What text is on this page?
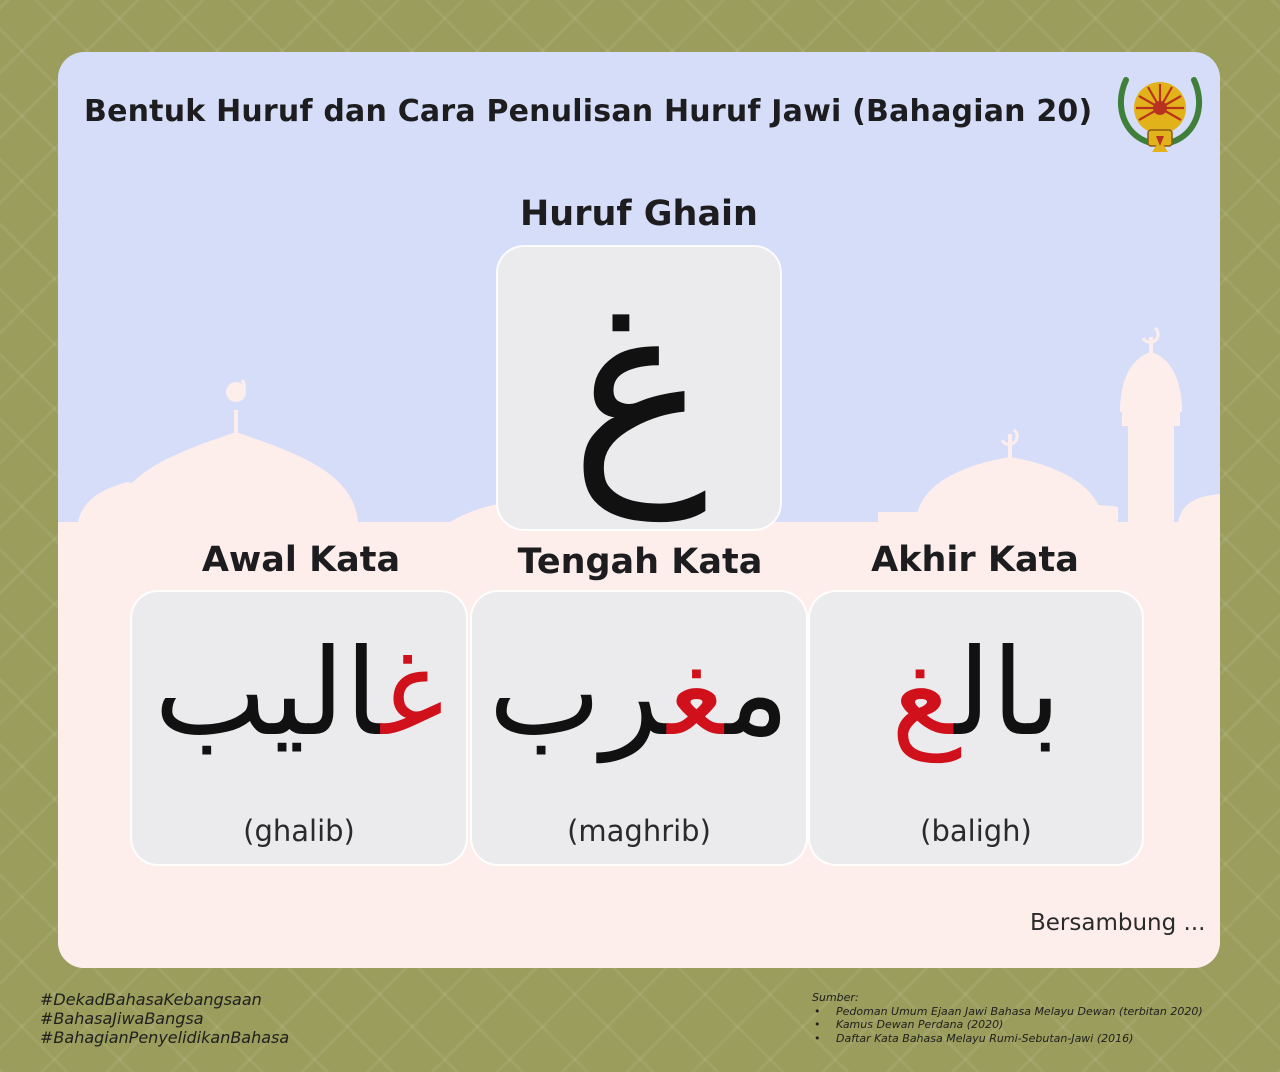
Bentuk Huruf dan Cara Penulisan Huruf Jawi (Bahagian 20)
Huruf Ghain
غ
Awal Kata
غاليب
(ghalib)
Tengah Kata
مغرب
(maghrib)
Akhir Kata
بالغ
(baligh)
Bersambung ...
#DekadBahasaKebangsaan
#BahasaJiwaBangsa
#BahagianPenyelidikanBahasa
Sumber:
• Pedoman Umum Ejaan Jawi Bahasa Melayu Dewan (terbitan 2020)
• Kamus Dewan Perdana (2020)
• Daftar Kata Bahasa Melayu Rumi-Sebutan-Jawi (2016)
